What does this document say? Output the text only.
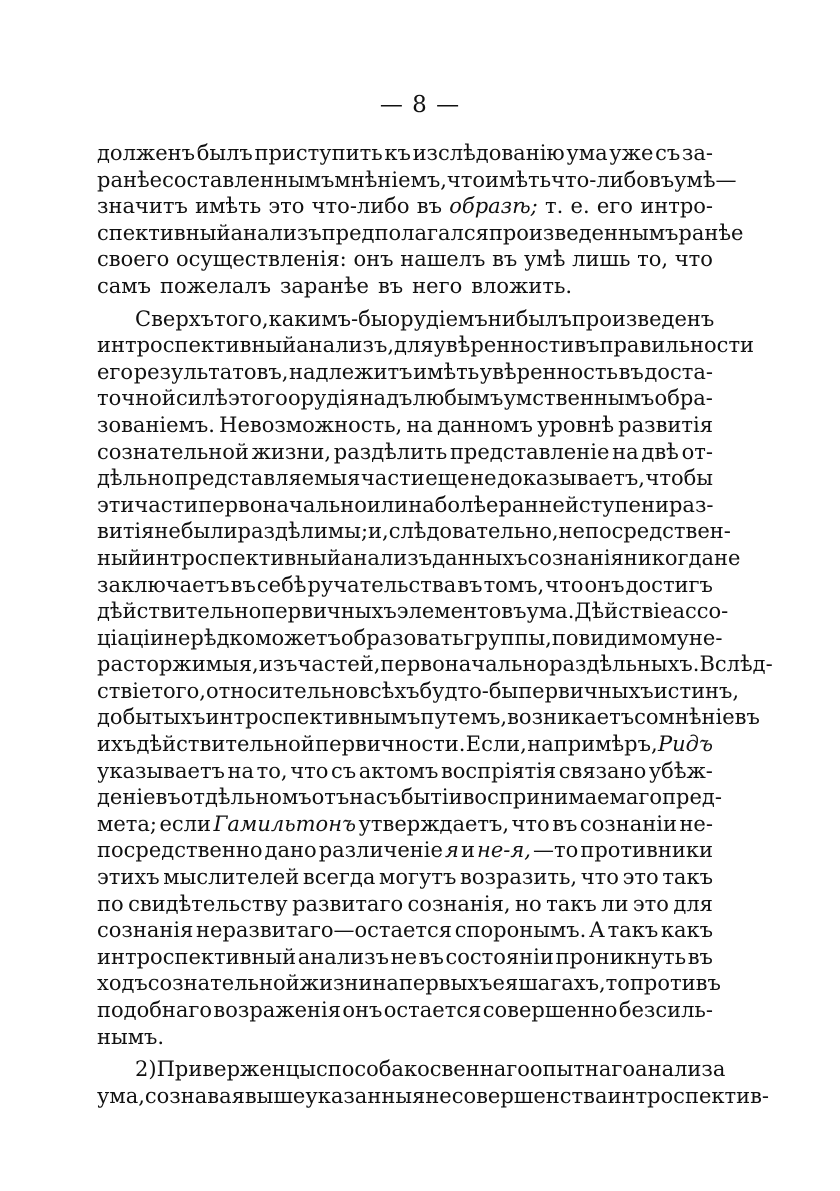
— 8 —
долженъ былъ приступить къ изслѣдованію ума уже съ за-
ранѣе составленнымъ мнѣніемъ, что имѣть что-либо въ умѣ—
значитъ имѣть это что-либо въ образѣ; т. е. его интро-
спективный анализъ предполагался произведеннымъ ранѣе
своего осуществленія: онъ нашелъ въ умѣ лишь то, что
самъ пожелалъ заранѣе въ него вложить.
Сверхъ того, какимъ-бы орудіемъ ни былъ произведенъ
интроспективный анализъ, для увѣренности въ правильности
его результатовъ, надлежитъ имѣть увѣренность въ доста-
точной силѣ этого орудія надъ любымъ умственнымъ обра-
зованіемъ. Невозможность, на данномъ уровнѣ развитія
сознательной жизни, раздѣлить представленіе на двѣ от-
дѣльно представляемыя части еще не доказываетъ, чтобы
эти части первоначально или на болѣе ранней ступени раз-
витія не были раздѣлимы; и, слѣдовательно, непосредствен-
ный интроспективный анализъ данныхъ сознанія никогда не
заключаетъ въ себѣ ручательства въ томъ, что онъ достигъ
дѣйствительно первичныхъ элементовъ ума. Дѣйствіе ассо-
ціаціи нерѣдко можетъ образовать группы, повидимому не-
расторжимыя, изъ частей, первоначально раздѣльныхъ. Вслѣд-
ствіе того, относительно всѣхъ будто-бы первичныхъ истинъ,
добытыхъ интроспективнымъ путемъ, возникаетъ сомнѣніе въ
ихъ дѣйствительной первичности. Если, напримѣръ, Ридъ
указываетъ на то, что съ актомъ воспріятія связано убѣж-
деніе въ отдѣльномъ отъ насъ бытіи воспринимаемаго пред-
мета; если Гамильтонъ утверждаетъ, что въ сознаніи не-
посредственно дано различеніе я и не-я, —то противники
этихъ мыслителей всегда могутъ возразить, что это такъ
по свидѣтельству развитаго сознанія, но такъ ли это для
сознанія неразвитаго—остается споронымъ. А такъ какъ
интроспективный анализъ не въ состояніи проникнуть въ
ходъ сознательной жизни на первыхъ ея шагахъ, то противъ
подобнаго возраженія онъ остается совершенно безсиль-
нымъ.
2) Приверженцы способа косвеннаго опытнаго анализа
ума, сознавая вышеуказанныя несовершенства интроспектив-
